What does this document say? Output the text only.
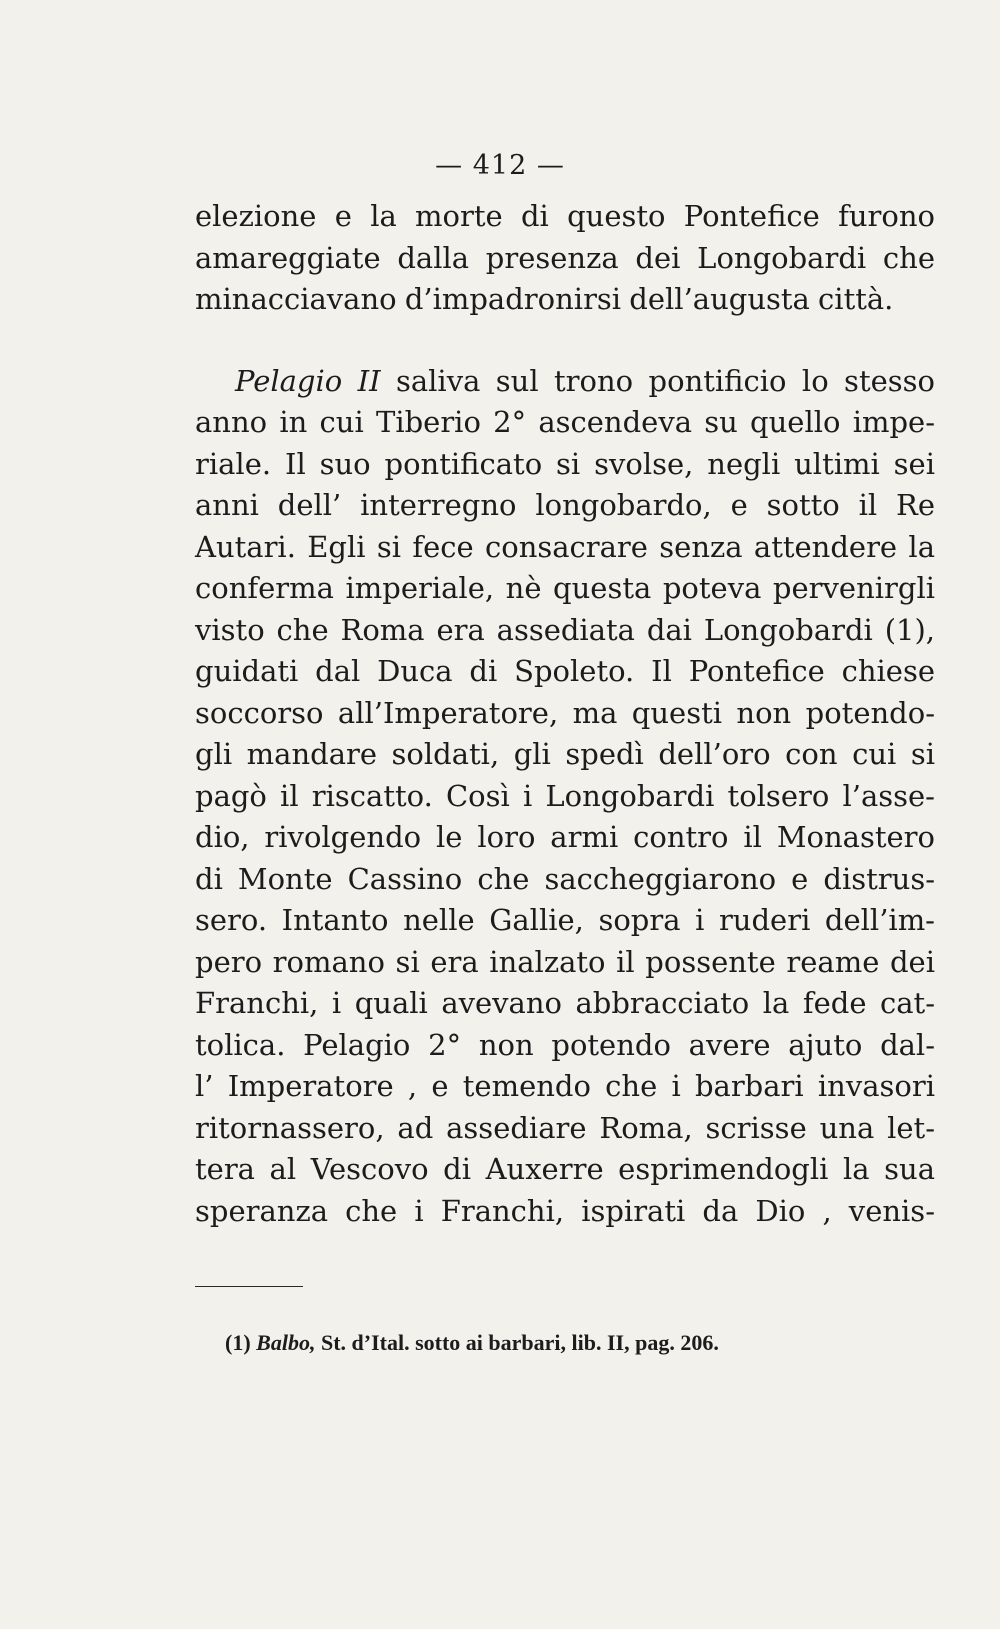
— 412 —
elezione e la morte di questo Pontefice furono
amareggiate dalla presenza dei Longobardi che
minacciavano d’impadronirsi dell’augusta città.
Pelagio II saliva sul trono pontificio lo stesso
anno in cui Tiberio 2° ascendeva su quello impe-
riale. Il suo pontificato si svolse, negli ultimi sei
anni dell’ interregno longobardo, e sotto il Re
Autari. Egli si fece consacrare senza attendere la
conferma imperiale, nè questa poteva pervenirgli
visto che Roma era assediata dai Longobardi (1),
guidati dal Duca di Spoleto. Il Pontefice chiese
soccorso all’Imperatore, ma questi non potendo-
gli mandare soldati, gli spedì dell’oro con cui si
pagò il riscatto. Così i Longobardi tolsero l’asse-
dio, rivolgendo le loro armi contro il Monastero
di Monte Cassino che saccheggiarono e distrus-
sero. Intanto nelle Gallie, sopra i ruderi dell’im-
pero romano si era inalzato il possente reame dei
Franchi, i quali avevano abbracciato la fede cat-
tolica. Pelagio 2° non potendo avere ajuto dal-
l’ Imperatore , e temendo che i barbari invasori
ritornassero, ad assediare Roma, scrisse una let-
tera al Vescovo di Auxerre esprimendogli la sua
speranza che i Franchi, ispirati da Dio , venis-
(1) Balbo, St. d’Ital. sotto ai barbari, lib. II, pag. 206.
